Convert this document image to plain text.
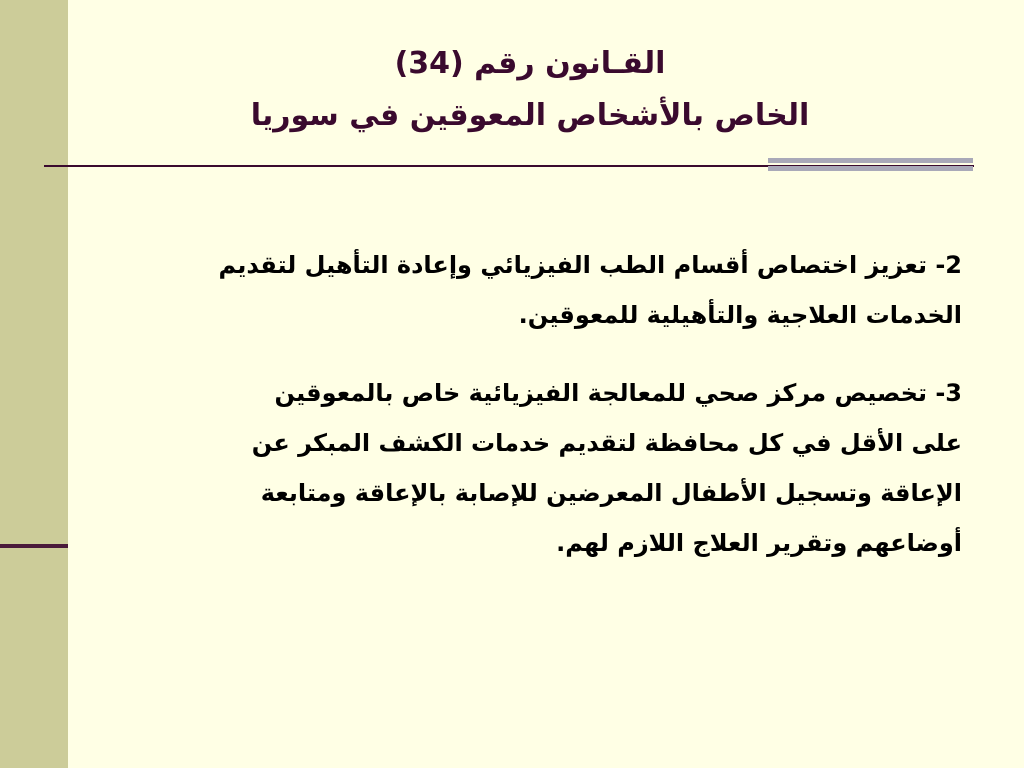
القـانون رقم (34)
الخاص بالأشخاص المعوقين في سوريا

2- تعزيز اختصاص أقسام الطب الفيزيائي وإعادة التأهيل لتقديم
الخدمات العلاجية والتأهيلية للمعوقين.

3- تخصيص مركز صحي للمعالجة الفيزيائية خاص بالمعوقين
على الأقل في كل محافظة لتقديم خدمات الكشف المبكر عن
الإعاقة وتسجيل الأطفال المعرضين للإصابة بالإعاقة ومتابعة
أوضاعهم وتقرير العلاج اللازم لهم.
